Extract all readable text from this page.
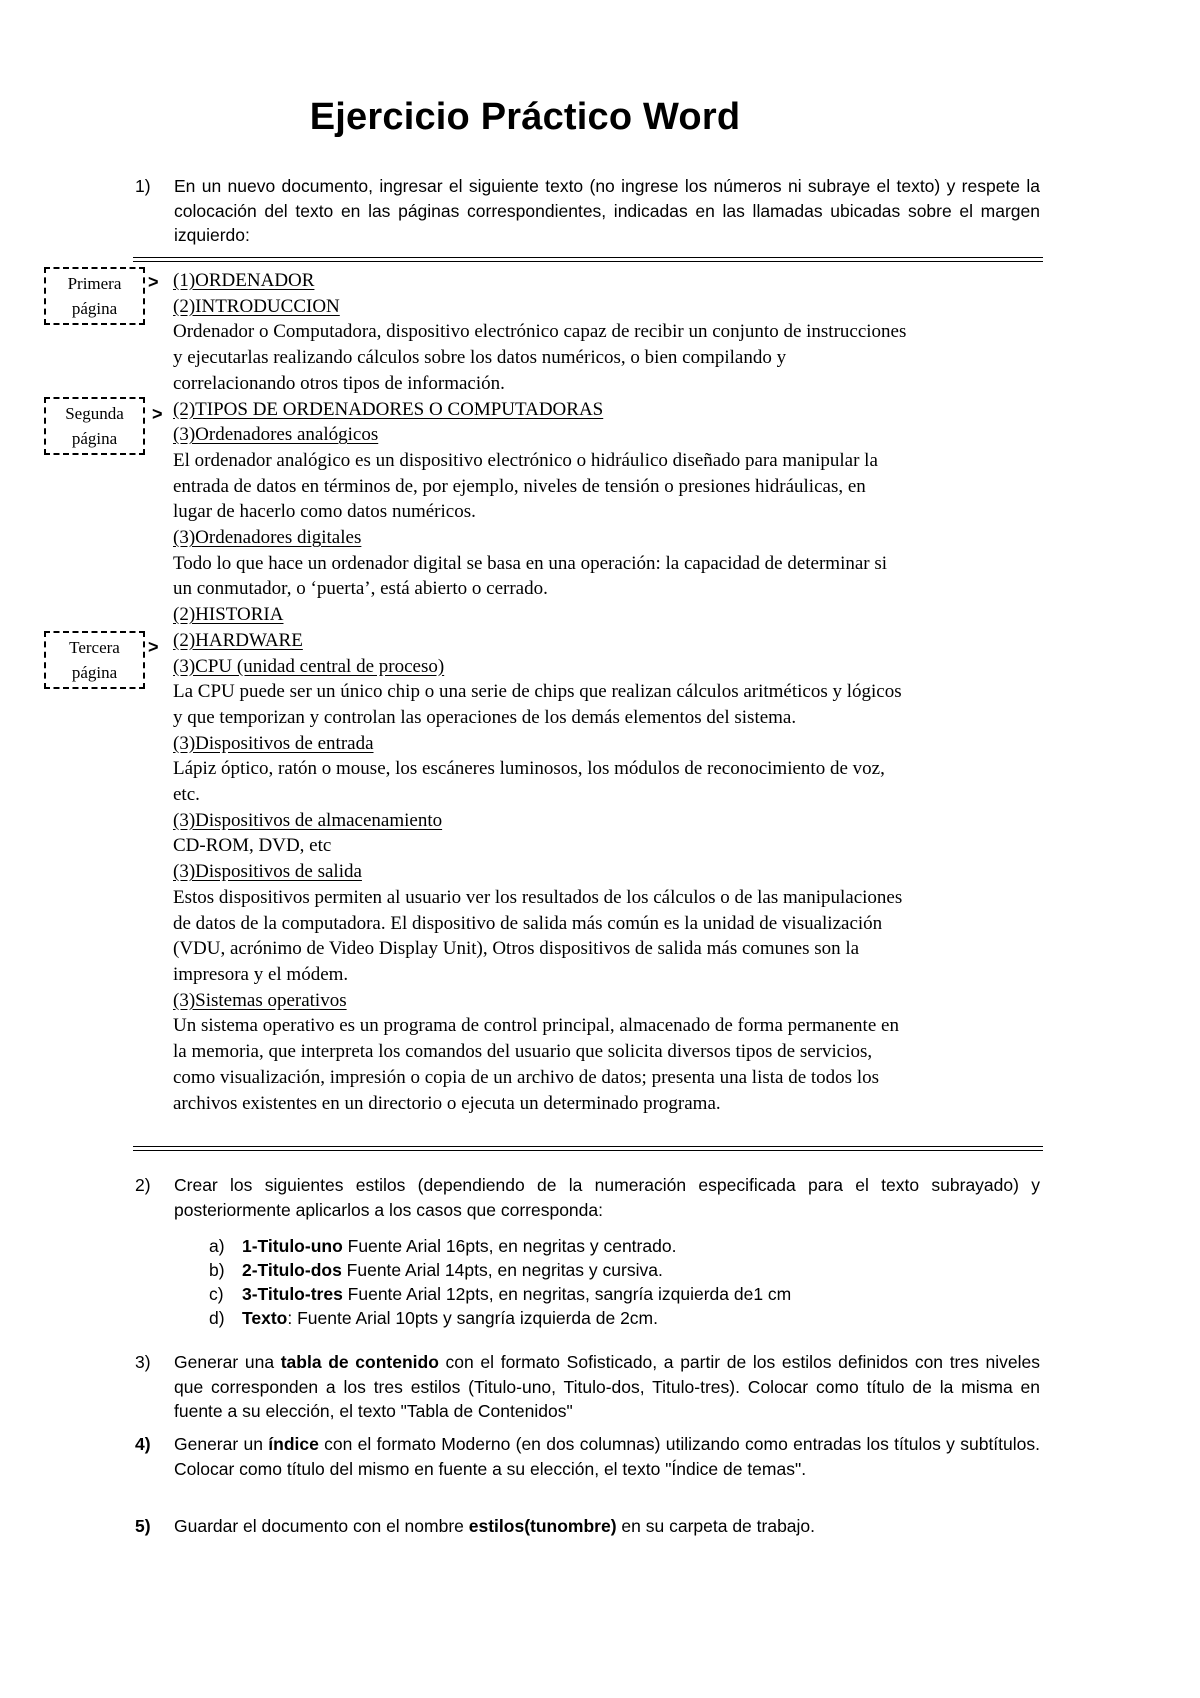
Ejercicio Práctico Word
1)	En un nuevo documento, ingresar el siguiente texto (no ingrese los números ni subraye el texto) y respete la colocación del texto en las páginas correspondientes, indicadas en las llamadas ubicadas sobre el margen izquierdo:
Primera
página
>
Segunda
página
>
Tercera
página
>
(1)ORDENADOR
(2)INTRODUCCION
Ordenador o Computadora, dispositivo electrónico capaz de recibir un conjunto de instrucciones
y ejecutarlas realizando cálculos sobre los datos numéricos, o bien compilando y
correlacionando otros tipos de información.
(2)TIPOS DE ORDENADORES O COMPUTADORAS
(3)Ordenadores analógicos
El ordenador analógico es un dispositivo electrónico o hidráulico diseñado para manipular la
entrada de datos en términos de, por ejemplo, niveles de tensión o presiones hidráulicas, en
lugar de hacerlo como datos numéricos.
(3)Ordenadores digitales
Todo lo que hace un ordenador digital se basa en una operación: la capacidad de determinar si
un conmutador, o ‘puerta’, está abierto o cerrado.
(2)HISTORIA
(2)HARDWARE
(3)CPU (unidad central de proceso)
La CPU puede ser un único chip o una serie de chips que realizan cálculos aritméticos y lógicos
y que temporizan y controlan las operaciones de los demás elementos del sistema.
(3)Dispositivos de entrada
Lápiz óptico, ratón o mouse, los escáneres luminosos, los módulos de reconocimiento de voz,
etc.
(3)Dispositivos de almacenamiento
CD-ROM, DVD, etc
(3)Dispositivos de salida
Estos dispositivos permiten al usuario ver los resultados de los cálculos o de las manipulaciones
de datos de la computadora. El dispositivo de salida más común es la unidad de visualización
(VDU, acrónimo de Video Display Unit), Otros dispositivos de salida más comunes son la
impresora y el módem.
(3)Sistemas operativos
Un sistema operativo es un programa de control principal, almacenado de forma permanente en
la memoria, que interpreta los comandos del usuario que solicita diversos tipos de servicios,
como visualización, impresión o copia de un archivo de datos; presenta una lista de todos los
archivos existentes en un directorio o ejecuta un determinado programa.
2)	Crear los siguientes estilos (dependiendo de la numeración especificada para el texto subrayado) y posteriormente aplicarlos a los casos que corresponda:
a) 1-Titulo-uno Fuente Arial 16pts, en negritas y centrado.
b) 2-Titulo-dos Fuente Arial 14pts, en negritas y cursiva.
c)	3-Titulo-tres Fuente Arial 12pts, en negritas, sangría izquierda de1 cm
d) Texto: Fuente Arial 10pts y sangría izquierda de 2cm.
3)	Generar una tabla de contenido con el formato Sofisticado, a partir de los estilos definidos con tres niveles que corresponden a los tres estilos (Titulo-uno, Titulo-dos, Titulo-tres). Colocar como título de la misma en fuente a su elección, el texto "Tabla de Contenidos"
4)	Generar un índice con el formato Moderno (en dos columnas) utilizando como entradas los títulos y subtítulos. Colocar como título del mismo en fuente a su elección, el texto "Índice de temas".
5)	Guardar el documento con el nombre estilos(tunombre) en su carpeta de trabajo.
